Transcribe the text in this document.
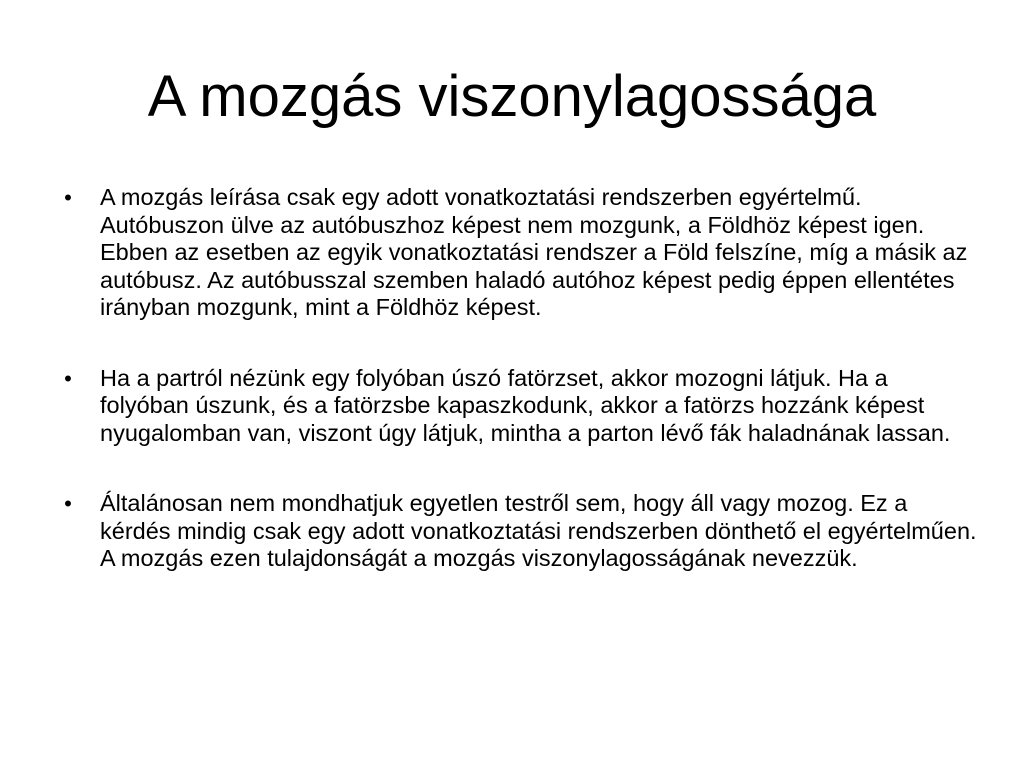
A mozgás viszonylagossága
• A mozgás leírása csak egy adott vonatkoztatási rendszerben egyértelmű. Autóbuszon ülve az autóbuszhoz képest nem mozgunk, a Földhöz képest igen. Ebben az esetben az egyik vonatkoztatási rendszer a Föld felszíne, míg a másik az autóbusz. Az autóbusszal szemben haladó autóhoz képest pedig éppen ellentétes irányban mozgunk, mint a Földhöz képest.
• Ha a partról nézünk egy folyóban úszó fatörzset, akkor mozogni látjuk. Ha a folyóban úszunk, és a fatörzsbe kapaszkodunk, akkor a fatörzs hozzánk képest nyugalomban van, viszont úgy látjuk, mintha a parton lévő fák haladnának lassan.
• Általánosan nem mondhatjuk egyetlen testről sem, hogy áll vagy mozog. Ez a kérdés mindig csak egy adott vonatkoztatási rendszerben dönthető el egyértelműen. A mozgás ezen tulajdonságát a mozgás viszonylagosságának nevezzük.
